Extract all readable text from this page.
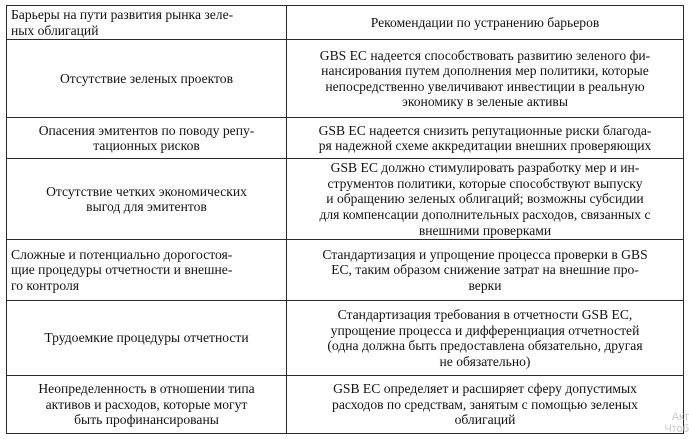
Барьеры на пути развития рынка зеле-
ных облигаций	Рекомендации по устранению барьеров
Отсутствие зеленых проектов	GBS EC надеется способствовать развитию зеленого фи-
нансирования путем дополнения мер политики, которые
непосредственно увеличивают инвестиции в реальную
экономику в зеленые активы
Опасения эмитентов по поводу репу-
тационных рисков	GSB EC надеется снизить репутационные риски благода-
ря надежной схеме аккредитации внешних проверяющих
Отсутствие четких экономических
выгод для эмитентов	GSB EC должно стимулировать разработку мер и ин-
струментов политики, которые способствуют выпуску
и обращению зеленых облигаций; возможны субсидии
для компенсации дополнительных расходов, связанных с
внешними проверками
Сложные и потенциально дорогостоя-
щие процедуры отчетности и внешне-
го контроля	Стандартизация и упрощение процесса проверки в GBS
EC, таким образом снижение затрат на внешние про-
верки
Трудоемкие процедуры отчетности	Стандартизация требования в отчетности GSB EC,
упрощение процесса и дифференциация отчетностей
(одна должна быть предоставлена обязательно, другая
не обязательно)
Неопределенность в отношении типа
активов и расходов, которые могут
быть профинансированы	GSB EC определяет и расширяет сферу допустимых
расходов по средствам, занятым с помощью зеленых
облигаций	Акт
Чтоб
